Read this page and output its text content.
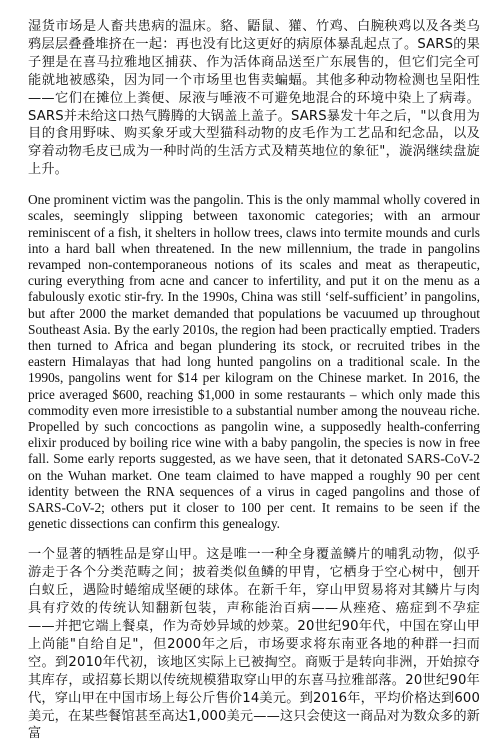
湿货市场是人畜共患病的温床。貉、鼯鼠、獾、竹鸡、白腕秧鸡以及各类乌鸦层层叠叠堆挤在一起：再也没有比这更好的病原体暴乱起点了。SARS的果子狸是在喜马拉雅地区捕获、作为活体商品送至广东展售的，但它们完全可能就地被感染，因为同一个市场里也售卖蝙蝠。其他多种动物检测也呈阳性——它们在摊位上粪便、尿液与唾液不可避免地混合的环境中染上了病毒。SARS并未给这口热气腾腾的大锅盖上盖子。SARS暴发十年之后，"以食用为目的食用野味、购买象牙或大型猫科动物的皮毛作为工艺品和纪念品，以及穿着动物毛皮已成为一种时尚的生活方式及精英地位的象征"，漩涡继续盘旋上升。

One prominent victim was the pangolin. This is the only mammal wholly covered in scales, seemingly slipping between taxonomic categories; with an armour reminiscent of a fish, it shelters in hollow trees, claws into termite mounds and curls into a hard ball when threatened. In the new millennium, the trade in pangolins revamped non-contemporaneous notions of its scales and meat as therapeutic, curing everything from acne and cancer to infertility, and put it on the menu as a fabulously exotic stir-fry. In the 1990s, China was still ‘self-sufficient’ in pangolins, but after 2000 the market demanded that populations be vacuumed up throughout Southeast Asia. By the early 2010s, the region had been practically emptied. Traders then turned to Africa and began plundering its stock, or recruited tribes in the eastern Himalayas that had long hunted pangolins on a traditional scale. In the 1990s, pangolins went for $14 per kilogram on the Chinese market. In 2016, the price averaged $600, reaching $1,000 in some restaurants – which only made this commodity even more irresistible to a substantial number among the nouveau riche. Propelled by such concoctions as pangolin wine, a supposedly health-conferring elixir produced by boiling rice wine with a baby pangolin, the species is now in free fall. Some early reports suggested, as we have seen, that it detonated SARS-CoV-2 on the Wuhan market. One team claimed to have mapped a roughly 90 per cent identity between the RNA sequences of a virus in caged pangolins and those of SARS-CoV-2; others put it closer to 100 per cent. It remains to be seen if the genetic dissections can confirm this genealogy.

一个显著的牺牲品是穿山甲。这是唯一一种全身覆盖鳞片的哺乳动物，似乎游走于各个分类范畴之间；披着类似鱼鳞的甲胄，它栖身于空心树中，刨开白蚁丘，遇险时蜷缩成坚硬的球体。在新千年，穿山甲贸易将对其鳞片与肉具有疗效的传统认知翻新包装，声称能治百病——从痤疮、癌症到不孕症——并把它端上餐桌，作为奇妙异域的炒菜。20世纪90年代，中国在穿山甲上尚能"自给自足"，但2000年之后，市场要求将东南亚各地的种群一扫而空。到2010年代初，该地区实际上已被掏空。商贩于是转向非洲，开始掠夺其库存，或招募长期以传统规模猎取穿山甲的东喜马拉雅部落。20世纪90年代，穿山甲在中国市场上每公斤售价14美元。到2016年，平均价格达到600美元，在某些餐馆甚至高达1,000美元——这只会使这一商品对为数众多的新富
